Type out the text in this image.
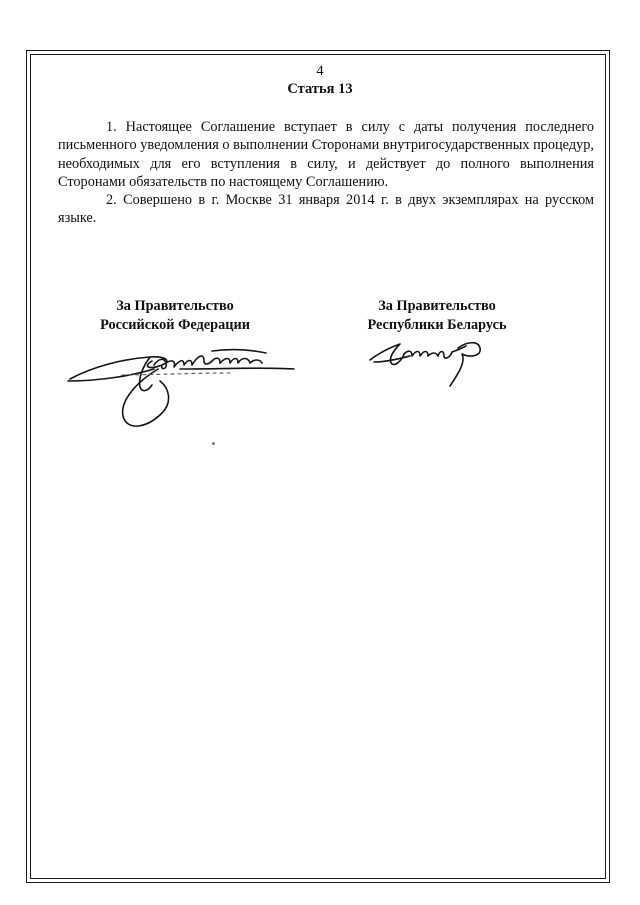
4
Статья 13

1. Настоящее Соглашение вступает в силу с даты получения последнего письменного уведомления о выполнении Сторонами внутригосударственных процедур, необходимых для его вступления в силу, и действует до полного выполнения Сторонами обязательств по настоящему Соглашению.

2. Совершено в г. Москве 31 января 2014 г. в двух экземплярах на русском языке.

За Правительство
Российской Федерации
За Правительство
Республики Беларусь
